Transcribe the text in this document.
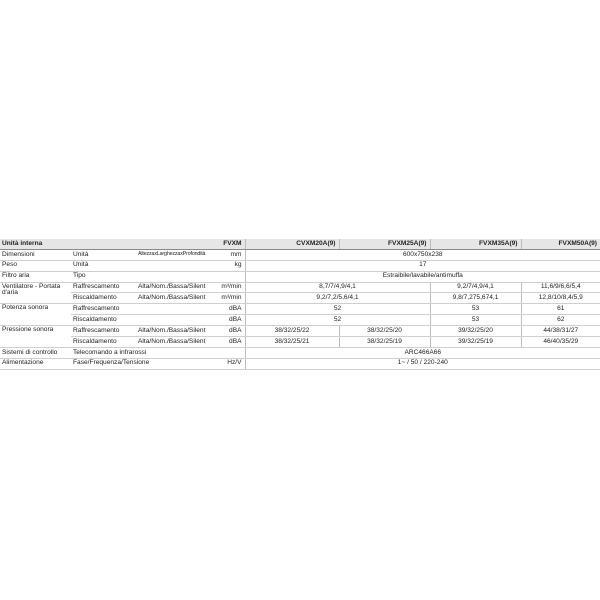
Unità interna			FVXM	CVXM20A(9)	FVXM25A(9)	FVXM35A(9)	FVXM50A(9)
Dimensioni	Unità	AltezzaxLarghezzaxProfondità	mm	600x750x238			
Peso	Unità		kg	17			
Filtro aria	Tipo			Estraibile/lavabile/antimuffa			
Ventilatore - Portata d'aria	Raffrescamento	Alta/Nom./Bassa/Silent	m³/min	8,7/7/4,9/4,1		9,2/7/4,9/4,1	11,6/9/6,6/5,4
	Riscaldamento	Alta/Nom./Bassa/Silent	m³/min	9,2/7,2/5,6/4,1		9,8/7,275,674,1	12,8/10/8,4/5,9
Potenza sonora	Raffrescamento		dBA	52		53	61
	Riscaldamento		dBA	52		53	62
Pressione sonora	Raffrescamento	Alta/Nom./Bassa/Silent	dBA	38/32/25/22	38/32/25/20	39/32/25/20	44/38/31/27
	Riscaldamento	Alta/Nom./Bassa/Silent	dBA	38/32/25/21	38/32/25/19	39/32/25/19	46/40/35/29
Sistemi di controllo	Telecomando a infrarossi			ARC466A66			
Alimentazione	Fase/Frequenza/Tensione		Hz/V	1~ / 50 / 220-240			
